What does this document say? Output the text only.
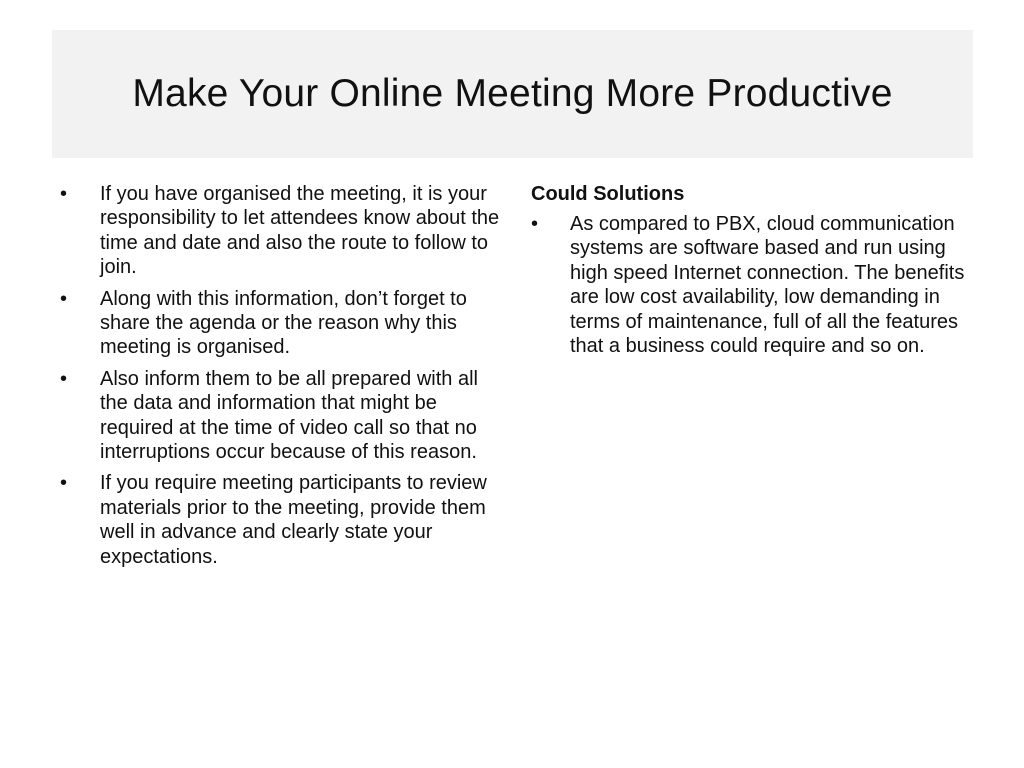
Make Your Online Meeting More Productive
•	If you have organised the meeting, it is your responsibility to let attendees know about the time and date and also the route to follow to join.
•	Along with this information, don’t forget to share the agenda or the reason why this meeting is organised.
•	Also inform them to be all prepared with all the data and information that might be required at the time of video call so that no interruptions occur because of this reason.
•	If you require meeting participants to review materials prior to the meeting, provide them well in advance and clearly state your expectations.
Could Solutions
•	As compared to PBX, cloud communication systems are software based and run using high speed Internet connection. The benefits are low cost availability, low demanding in terms of maintenance, full of all the features that a business could require and so on.
